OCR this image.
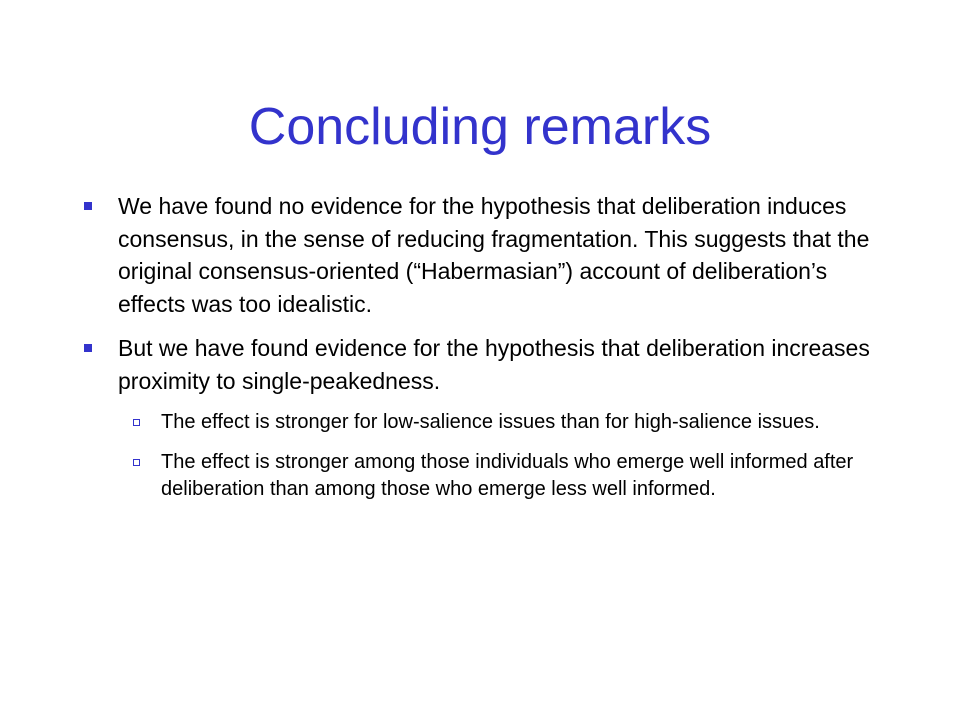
Concluding remarks
We have found no evidence for the hypothesis that deliberation induces consensus, in the sense of reducing fragmentation. This suggests that the original consensus-oriented (“Habermasian”) account of deliberation’s effects was too idealistic.
But we have found evidence for the hypothesis that deliberation increases proximity to single-peakedness.
The effect is stronger for low-salience issues than for high-salience issues.
The effect is stronger among those individuals who emerge well informed after deliberation than among those who emerge less well informed.
